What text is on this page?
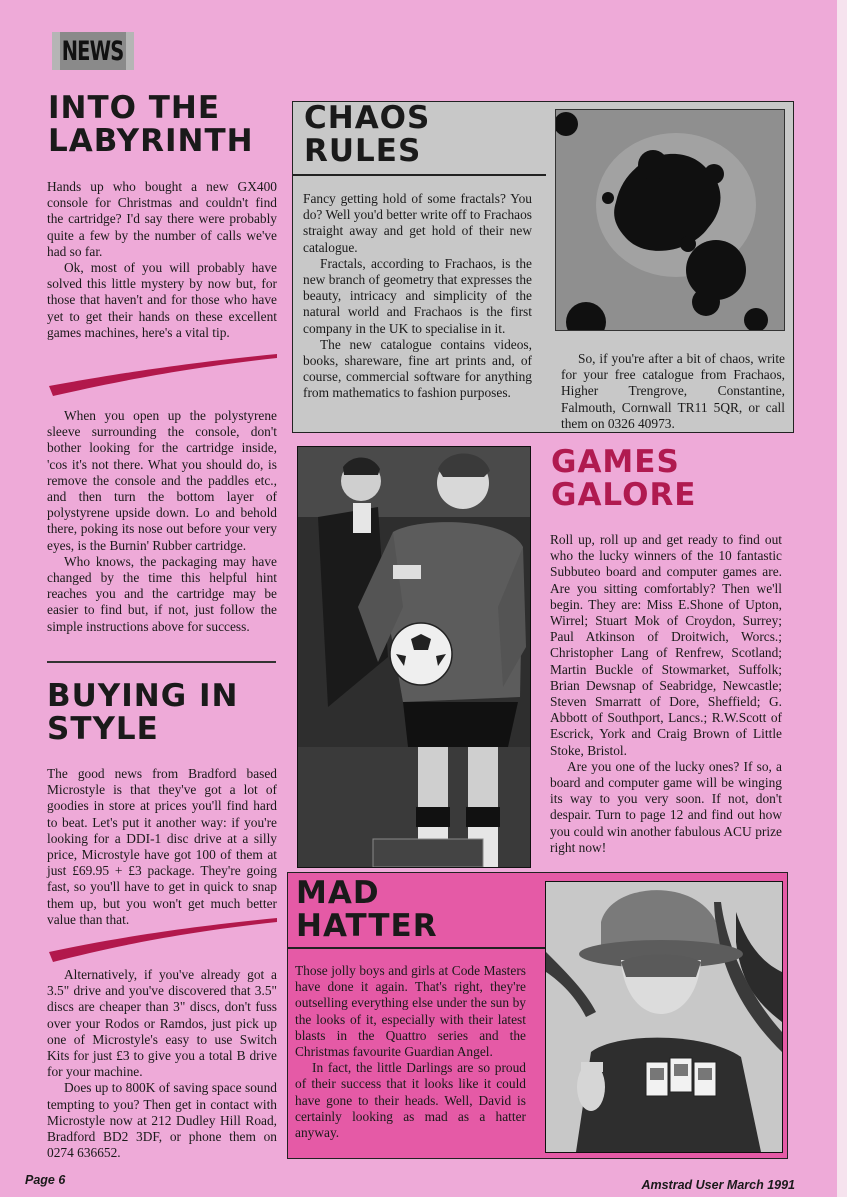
NEWS
INTO THE
LABYRINTH

Hands up who bought a new GX400 console for Christmas and couldn't find the cartridge? I'd say there were probably quite a few by the number of calls we've had so far.

Ok, most of you will probably have solved this little mystery by now but, for those that haven't and for those who have yet to get their hands on these excellent games machines, here's a vital tip.

When you open up the polystyrene sleeve surrounding the console, don't bother looking for the cartridge inside, 'cos it's not there. What you should do, is remove the console and the paddles etc., and then turn the bottom layer of polystyrene upside down. Lo and behold there, poking its nose out before your very eyes, is the Burnin' Rubber cartridge.

Who knows, the packaging may have changed by the time this helpful hint reaches you and the cartridge may be easier to find but, if not, just follow the simple instructions above for success.

BUYING IN
STYLE

The good news from Bradford based Microstyle is that they've got a lot of goodies in store at prices you'll find hard to beat. Let's put it another way: if you're looking for a DDI-1 disc drive at a silly price, Microstyle have got 100 of them at just £69.95 + £3 package. They're going fast, so you'll have to get in quick to snap them up, but you won't get much better value than that.

Alternatively, if you've already got a 3.5" drive and you've discovered that 3.5" discs are cheaper than 3" discs, don't fuss over your Rodos or Ramdos, just pick up one of Microstyle's easy to use Switch Kits for just £3 to give you a total B drive for your machine.

Does up to 800K of saving space sound tempting to you? Then get in contact with Microstyle now at 212 Dudley Hill Road, Bradford BD2 3DF, or phone them on 0274 636652.

CHAOS
RULES

Fancy getting hold of some fractals? You do? Well you'd better write off to Frachaos straight away and get hold of their new catalogue.

Fractals, according to Frachaos, is the new branch of geometry that expresses the beauty, intricacy and simplicity of the natural world and Frachaos is the first company in the UK to specialise in it.

The new catalogue contains videos, books, shareware, fine art prints and, of course, commercial software for anything from mathematics to fashion purposes.

So, if you're after a bit of chaos, write for your free catalogue from Frachaos, Higher Trengrove, Constantine, Falmouth, Cornwall TR11 5QR, or call them on 0326 40973.

GAMES
GALORE

Roll up, roll up and get ready to find out who the lucky winners of the 10 fantastic Subbuteo board and computer games are. Are you sitting comfortably? Then we'll begin. They are: Miss E.Shone of Upton, Wirrel; Stuart Mok of Croydon, Surrey; Paul Atkinson of Droitwich, Worcs.; Christopher Lang of Renfrew, Scotland; Martin Buckle of Stowmarket, Suffolk; Brian Dewsnap of Seabridge, Newcastle; Steven Smarratt of Dore, Sheffield; G. Abbott of Southport, Lancs.; R.W.Scott of Escrick, York and Craig Brown of Little Stoke, Bristol.

Are you one of the lucky ones? If so, a board and computer game will be winging its way to you very soon. If not, don't despair. Turn to page 12 and find out how you could win another fabulous ACU prize right now!

MAD
HATTER

Those jolly boys and girls at Code Masters have done it again. That's right, they're outselling everything else under the sun by the looks of it, especially with their latest blasts in the Quattro series and the Christmas favourite Guardian Angel.

In fact, the little Darlings are so proud of their success that it looks like it could have gone to their heads. Well, David is certainly looking as mad as a hatter anyway.

Page 6	Amstrad User March 1991
